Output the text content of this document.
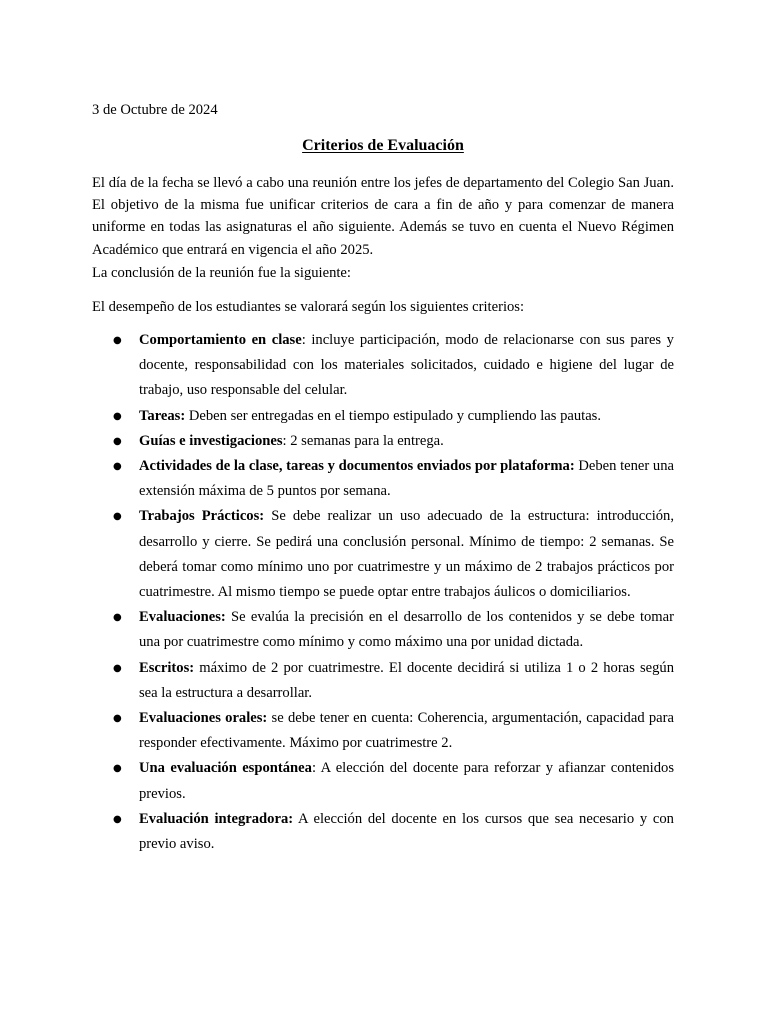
3 de Octubre de 2024
Criterios de Evaluación

El día de la fecha se llevó a cabo una reunión entre los jefes de departamento del Colegio San Juan. El objetivo de la misma fue unificar criterios de cara a fin de año y para comenzar de manera uniforme en todas las asignaturas el año siguiente. Además se tuvo en cuenta el Nuevo Régimen Académico que entrará en vigencia el año 2025.

La conclusión de la reunión fue la siguiente:

El desempeño de los estudiantes se valorará según los siguientes criterios:

● Comportamiento en clase: incluye participación, modo de relacionarse con sus pares y docente, responsabilidad con los materiales solicitados, cuidado e higiene del lugar de trabajo, uso responsable del celular.
● Tareas: Deben ser entregadas en el tiempo estipulado y cumpliendo las pautas.
● Guías e investigaciones: 2 semanas para la entrega.
● Actividades de la clase, tareas y documentos enviados por plataforma: Deben tener una extensión máxima de 5 puntos por semana.
● Trabajos Prácticos: Se debe realizar un uso adecuado de la estructura: introducción, desarrollo y cierre. Se pedirá una conclusión personal. Mínimo de tiempo: 2 semanas. Se deberá tomar como mínimo uno por cuatrimestre y un máximo de 2 trabajos prácticos por cuatrimestre. Al mismo tiempo se puede optar entre trabajos áulicos o domiciliarios.
● Evaluaciones: Se evalúa la precisión en el desarrollo de los contenidos y se debe tomar una por cuatrimestre como mínimo y como máximo una por unidad dictada.
● Escritos: máximo de 2 por cuatrimestre. El docente decidirá si utiliza 1 o 2 horas según sea la estructura a desarrollar.
● Evaluaciones orales: se debe tener en cuenta: Coherencia, argumentación, capacidad para responder efectivamente. Máximo por cuatrimestre 2.
● Una evaluación espontánea: A elección del docente para reforzar y afianzar contenidos previos.
● Evaluación integradora: A elección del docente en los cursos que sea necesario y con previo aviso.
